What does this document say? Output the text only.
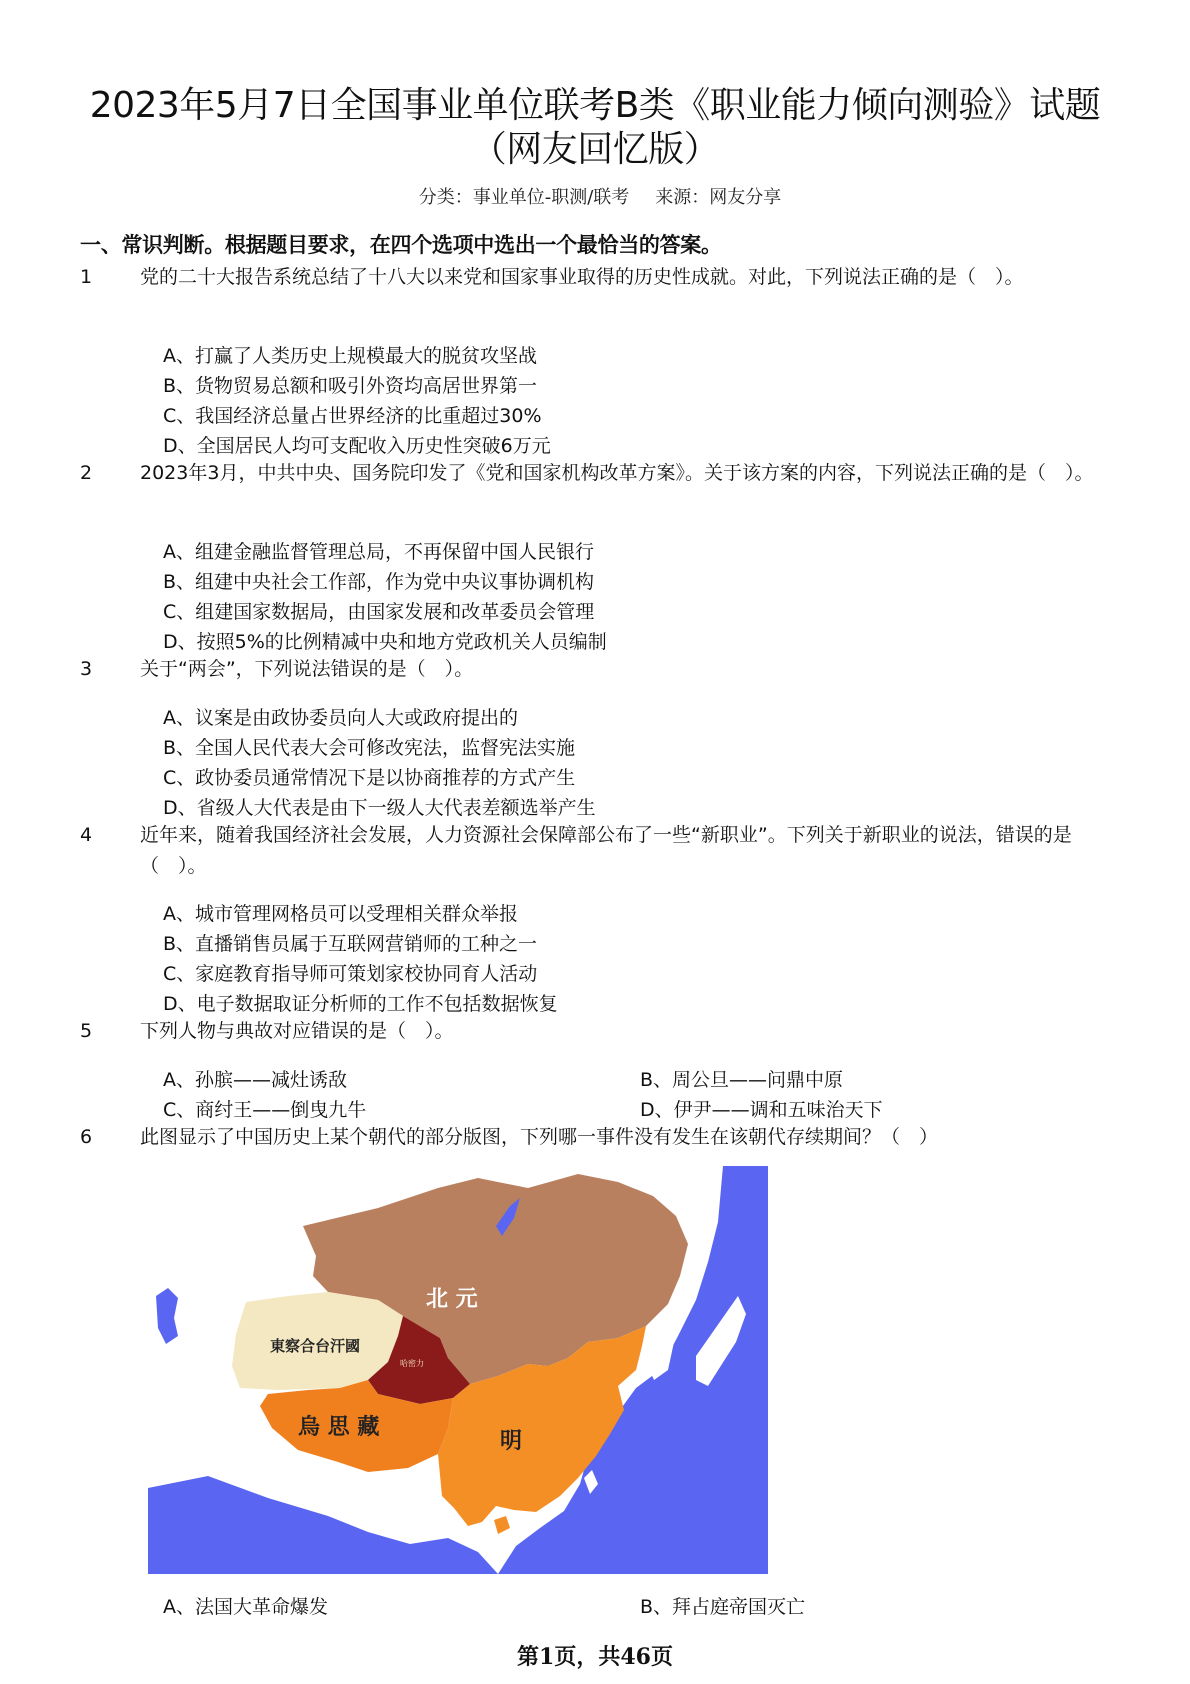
2023年5月7日全国事业单位联考B类《职业能力倾向测验》试题（网友回忆版）
分类：事业单位-职测/联考 来源：网友分享
一、常识判断。根据题目要求，在四个选项中选出一个最恰当的答案。
1	党的二十大报告系统总结了十八大以来党和国家事业取得的历史性成就。对此，下列说法正确的是（　）。
A、打赢了人类历史上规模最大的脱贫攻坚战
B、货物贸易总额和吸引外资均高居世界第一
C、我国经济总量占世界经济的比重超过30%
D、全国居民人均可支配收入历史性突破6万元
2	2023年3月，中共中央、国务院印发了《党和国家机构改革方案》。关于该方案的内容，下列说法正确的是（　）。
A、组建金融监督管理总局，不再保留中国人民银行
B、组建中央社会工作部，作为党中央议事协调机构
C、组建国家数据局，由国家发展和改革委员会管理
D、按照5%的比例精减中央和地方党政机关人员编制
3	关于“两会”，下列说法错误的是（　）。
A、议案是由政协委员向人大或政府提出的
B、全国人民代表大会可修改宪法，监督宪法实施
C、政协委员通常情况下是以协商推荐的方式产生
D、省级人大代表是由下一级人大代表差额选举产生
4	近年来，随着我国经济社会发展，人力资源社会保障部公布了一些“新职业”。下列关于新职业的说法，错误的是（　）。
A、城市管理网格员可以受理相关群众举报
B、直播销售员属于互联网营销师的工种之一
C、家庭教育指导师可策划家校协同育人活动
D、电子数据取证分析师的工作不包括数据恢复
5	下列人物与典故对应错误的是（　）。
A、孙膑——减灶诱敌	B、周公旦——问鼎中原
C、商纣王——倒曳九牛	D、伊尹——调和五味治天下
6	此图显示了中国历史上某个朝代的部分版图，下列哪一事件没有发生在该朝代存续期间？（　）
北 元
東察合台汗國
哈密力
烏 思 藏
明
A、法国大革命爆发	B、拜占庭帝国灭亡
第1页，共46页
